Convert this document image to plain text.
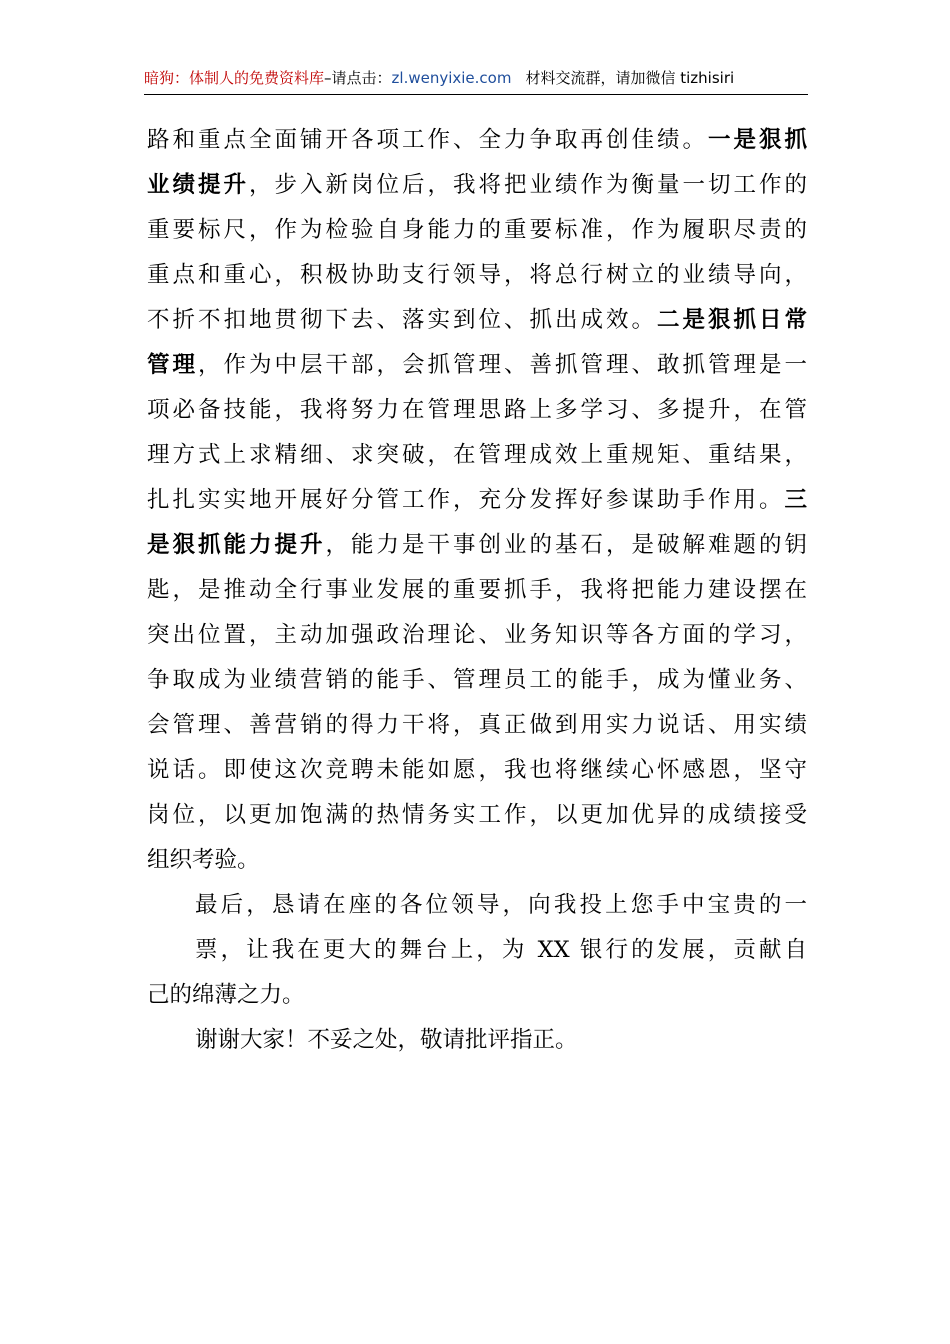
暗狗：体制人的免费资料库–请点击：zl.wenyixie.com 材料交流群，请加微信 tizhisiri
路和重点全面铺开各项工作、全力争取再创佳绩。一是狠抓
业绩提升，步入新岗位后，我将把业绩作为衡量一切工作的
重要标尺，作为检验自身能力的重要标准，作为履职尽责的
重点和重心，积极协助支行领导，将总行树立的业绩导向，
不折不扣地贯彻下去、落实到位、抓出成效。二是狠抓日常
管理，作为中层干部，会抓管理、善抓管理、敢抓管理是一
项必备技能，我将努力在管理思路上多学习、多提升，在管
理方式上求精细、求突破，在管理成效上重规矩、重结果，
扎扎实实地开展好分管工作，充分发挥好参谋助手作用。三
是狠抓能力提升，能力是干事创业的基石，是破解难题的钥
匙，是推动全行事业发展的重要抓手，我将把能力建设摆在
突出位置，主动加强政治理论、业务知识等各方面的学习，
争取成为业绩营销的能手、管理员工的能手，成为懂业务、
会管理、善营销的得力干将，真正做到用实力说话、用实绩
说话。即使这次竞聘未能如愿，我也将继续心怀感恩，坚守
岗位，以更加饱满的热情务实工作，以更加优异的成绩接受
组织考验。
最后，恳请在座的各位领导，向我投上您手中宝贵的一
票，让我在更大的舞台上，为 XX 银行的发展，贡献自
己的绵薄之力。
谢谢大家！不妥之处，敬请批评指正。
